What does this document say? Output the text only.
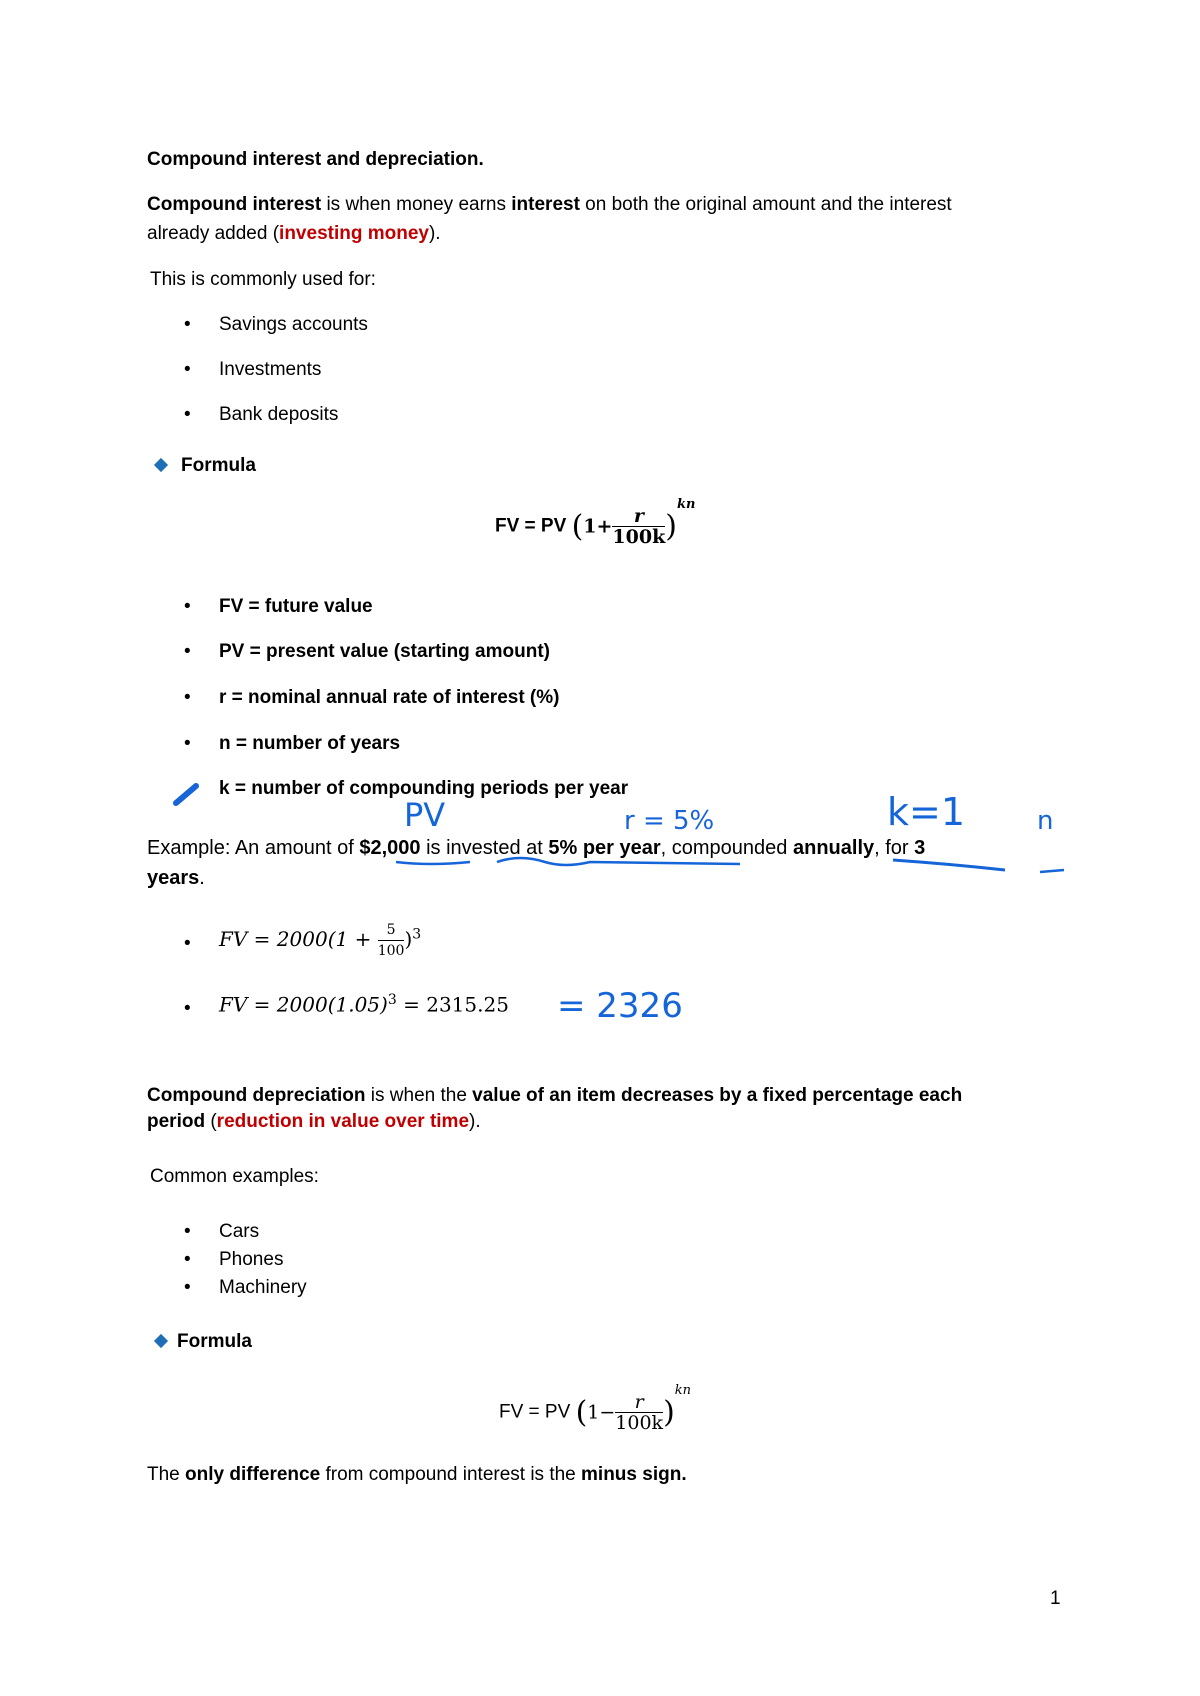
Compound interest and depreciation.
Compound interest is when money earns interest on both the original amount and the interest
already added (investing money).
This is commonly used for:
• Savings accounts
• Investments
• Bank deposits
Formula
FV = PV $(1+ \frac{r}{100k} )^{kn}$
• FV = future value
• PV = present value (starting amount)
• r = nominal annual rate of interest (%)
• n = number of years
k = number of compounding periods per year
Example: An amount of $2,000 is invested at 5% per year, compounded annually, for 3
years.
• FV = $2000(1 + \frac{5}{100} )^3$
• FV = $2000(1.05)^3 = 2315.25$
PV	r = 5%	k=1	n
= 2326
Compound depreciation is when the value of an item decreases by a fixed percentage each
period (reduction in value over time).
Common examples:
• Cars
• Phones
• Machinery
Formula
FV = PV $(1- \frac{r}{100k} )^{kn}$
The only difference from compound interest is the minus sign.
1
